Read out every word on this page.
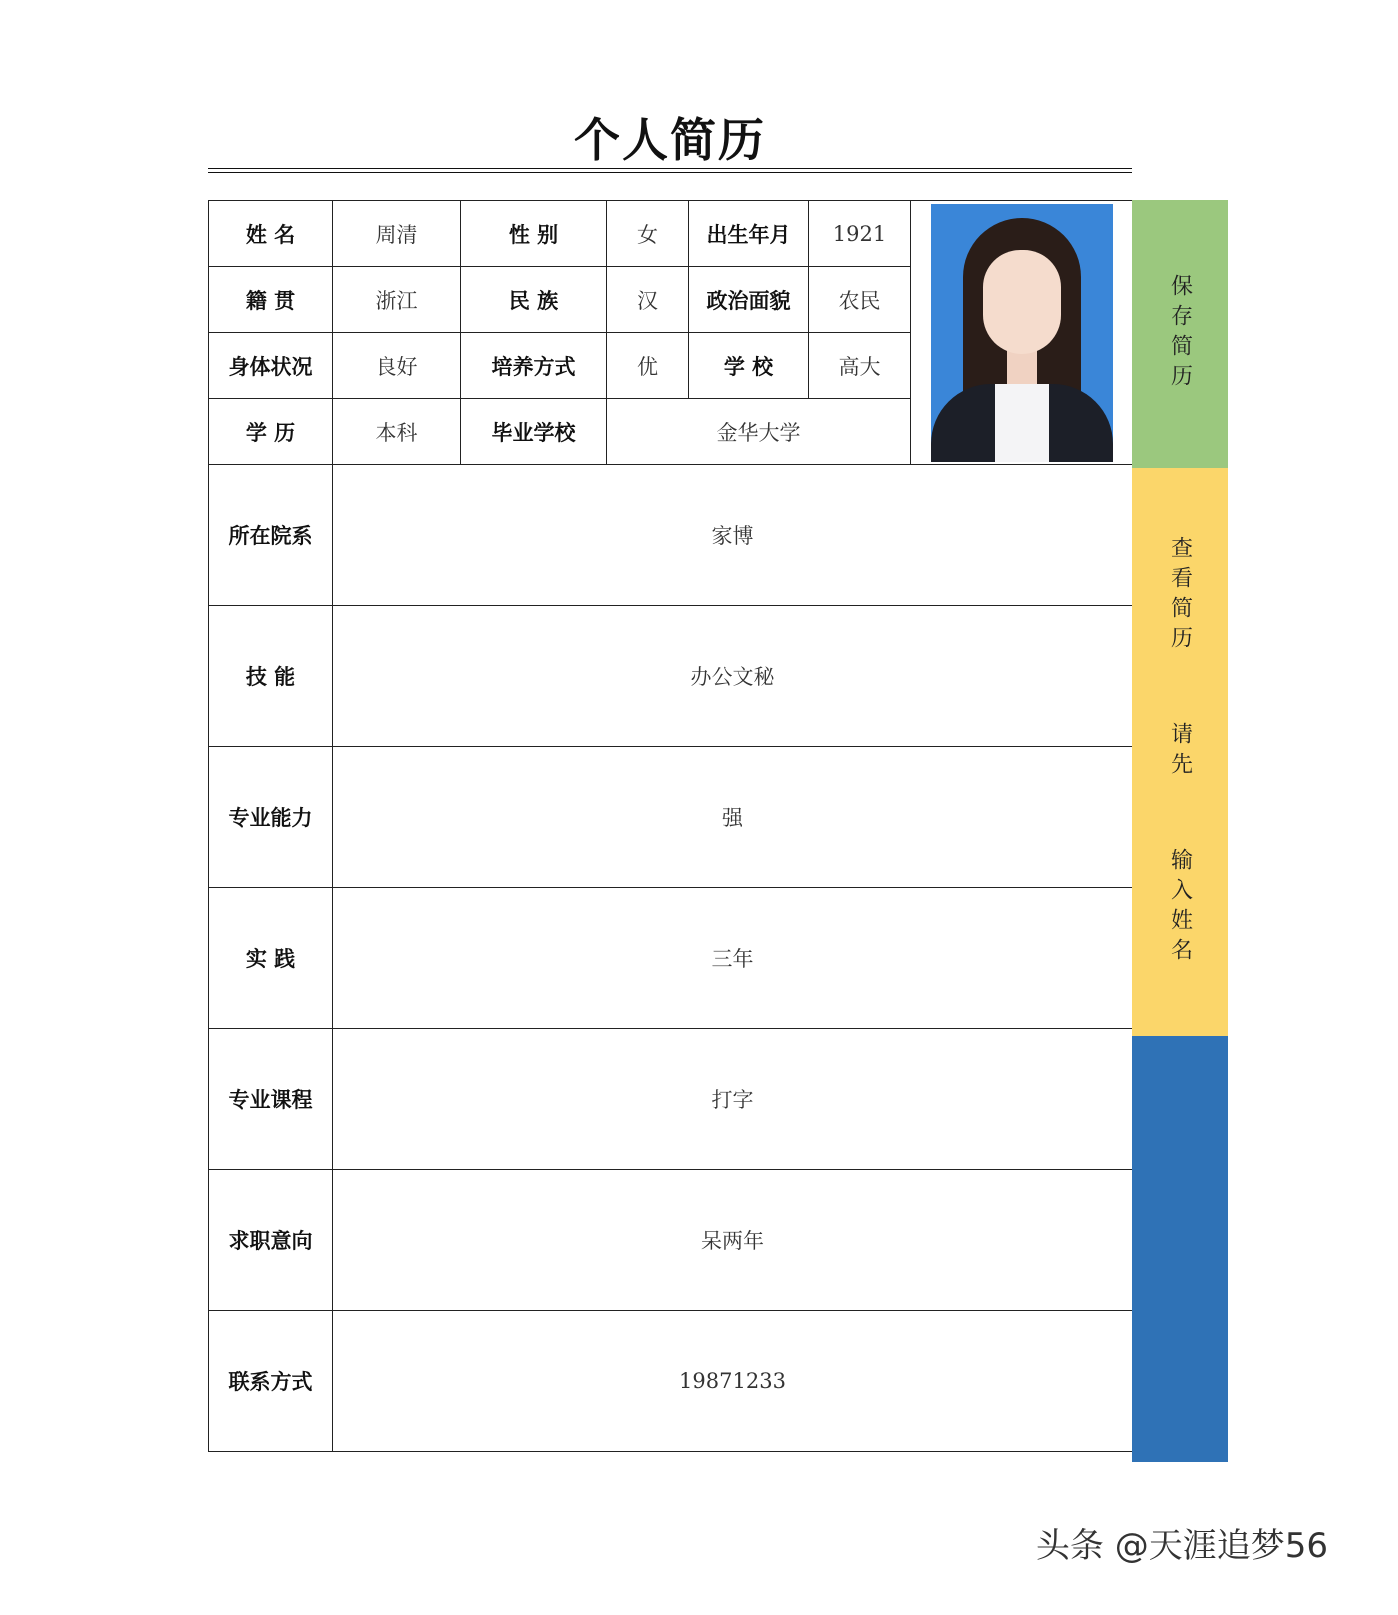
个人简历
姓 名	周清	性 别	女	出生年月	1921	

籍 贯	浙江	民 族	汉	政治面貌	农民	
身体状况	良好	培养方式	优	学 校	高大	
学 历	本科	毕业学校	金华大学			
所在院系	家博					
技 能	办公文秘					
专业能力	强					
实 践	三年					
专业课程	打字					
求职意向	呆两年					
联系方式	19871233					
保存简历
查看简历  请先  输入姓名
头条 @天涯追梦56
